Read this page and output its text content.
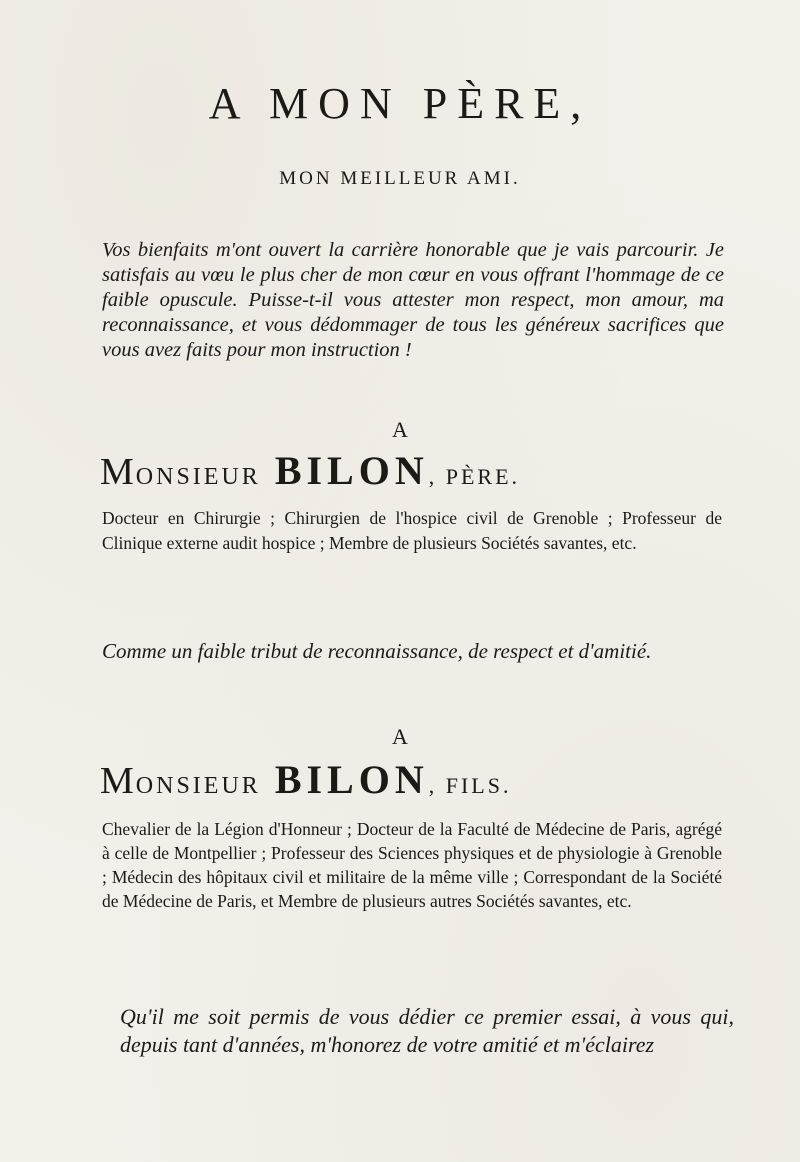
A MON PÈRE,
MON MEILLEUR AMI.
Vos bienfaits m'ont ouvert la carrière honorable que je vais parcourir. Je satisfais au vœu le plus cher de mon cœur en vous offrant l'hommage de ce faible opuscule. Puisse-t-il vous attester mon respect, mon amour, ma reconnaissance, et vous dédommager de tous les généreux sacrifices que vous avez faits pour mon instruction !
A
MONSIEUR BILON, PÈRE.
Docteur en Chirurgie ; Chirurgien de l'hospice civil de Grenoble ; Professeur de Clinique externe audit hospice ; Membre de plusieurs Sociétés savantes, etc.
Comme un faible tribut de reconnaissance, de respect et d'amitié.
A
MONSIEUR BILON, FILS.
Chevalier de la Légion d'Honneur ; Docteur de la Faculté de Médecine de Paris, agrégé à celle de Montpellier ; Professeur des Sciences physiques et de physiologie à Grenoble ; Médecin des hôpitaux civil et militaire de la même ville ; Correspondant de la Société de Médecine de Paris, et Membre de plusieurs autres Sociétés savantes, etc.
Qu'il me soit permis de vous dédier ce premier essai, à vous qui, depuis tant d'années, m'honorez de votre amitié et m'éclairez
